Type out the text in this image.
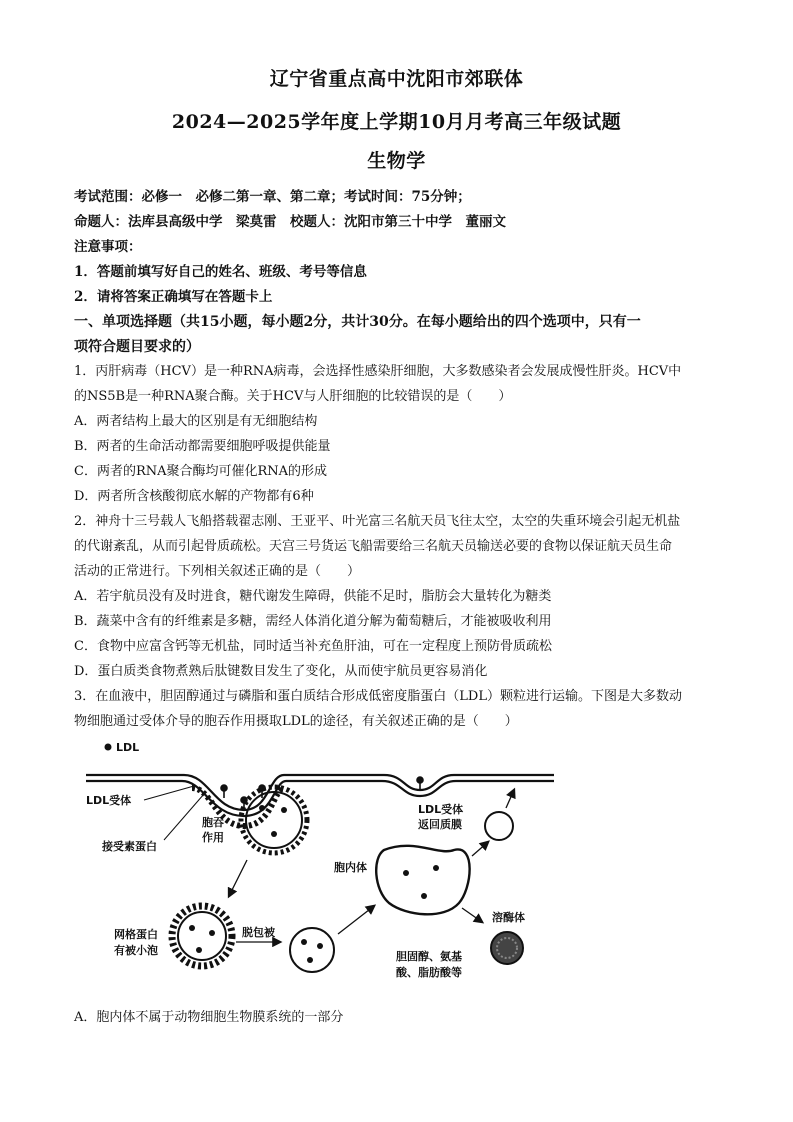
辽宁省重点高中沈阳市郊联体
2024—2025学年度上学期10月月考高三年级试题
生物学
考试范围：必修一　必修二第一章、第二章；考试时间：75分钟；
命题人：法库县高级中学　梁莫雷　校题人：沈阳市第三十中学　董丽文
注意事项：
1．答题前填写好自己的姓名、班级、考号等信息
2．请将答案正确填写在答题卡上
一、单项选择题（共15小题，每小题2分，共计30分。在每小题给出的四个选项中，只有一
项符合题目要求的）
1．丙肝病毒（HCV）是一种RNA病毒，会选择性感染肝细胞，大多数感染者会发展成慢性肝炎。HCV中
的NS5B是一种RNA聚合酶。关于HCV与人肝细胞的比较错误的是（　　）
A．两者结构上最大的区别是有无细胞结构
B．两者的生命活动都需要细胞呼吸提供能量
C．两者的RNA聚合酶均可催化RNA的形成
D．两者所含核酸彻底水解的产物都有6种
2．神舟十三号载人飞船搭载翟志刚、王亚平、叶光富三名航天员飞往太空，太空的失重环境会引起无机盐
的代谢紊乱，从而引起骨质疏松。天宫三号货运飞船需要给三名航天员输送必要的食物以保证航天员生命
活动的正常进行。下列相关叙述正确的是（　　）
A．若宇航员没有及时进食，糖代谢发生障碍，供能不足时，脂肪会大量转化为糖类
B．蔬菜中含有的纤维素是多糖，需经人体消化道分解为葡萄糖后，才能被吸收利用
C．食物中应富含钙等无机盐，同时适当补充鱼肝油，可在一定程度上预防骨质疏松
D．蛋白质类食物煮熟后肽键数目发生了变化，从而使宇航员更容易消化
3．在血液中，胆固醇通过与磷脂和蛋白质结合形成低密度脂蛋白（LDL）颗粒进行运输。下图是大多数动
物细胞通过受体介导的胞吞作用摄取LDL的途径，有关叙述正确的是（　　）
LDL
LDL受体
接受素蛋白
胞吞
作用
LDL受体
返回质膜
胞内体
溶酶体
胆固醇、氨基
酸、脂肪酸等
网格蛋白
有被小泡
脱包被
A．胞内体不属于动物细胞生物膜系统的一部分
